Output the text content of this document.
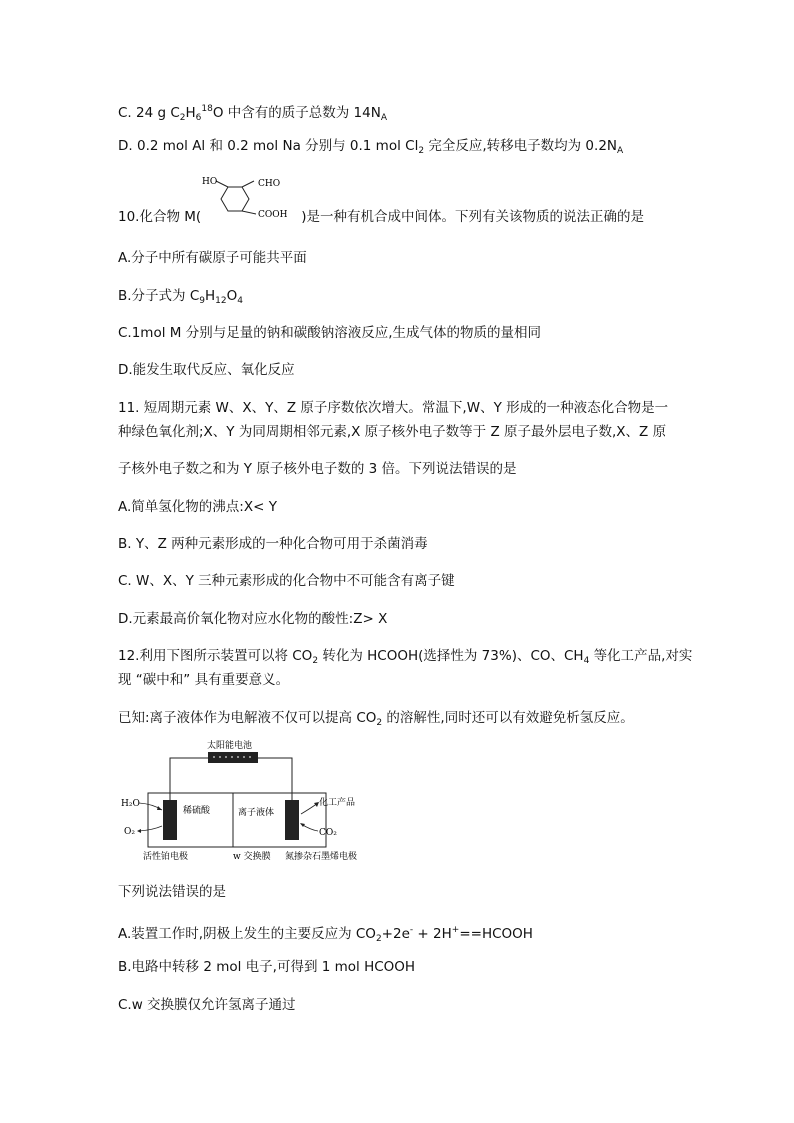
C. 24 g $C_2H_6^{18}O$ 中含有的质子总数为 $14N_A$
D. 0.2 mol Al 和 0.2 mol Na 分别与 0.1 mol $Cl_2$ 完全反应,转移电子数均为 $0.2N_A$
10.化合物 M(	)是一种有机合成中间体。下列有关该物质的说法正确的是
HO	CHO
COOH
A.分子中所有碳原子可能共平面
B.分子式为 $C_9H_{12}O_4$
C.1mol M 分别与足量的钠和碳酸钠溶液反应,生成气体的物质的量相同
D.能发生取代反应、氧化反应
11. 短周期元素 W、X、Y、Z 原子序数依次增大。常温下,W、Y 形成的一种液态化合物是一
种绿色氧化剂;X、Y 为同周期相邻元素,X 原子核外电子数等于 Z 原子最外层电子数,X、Z 原
子核外电子数之和为 Y 原子核外电子数的 3 倍。下列说法错误的是
A.简单氢化物的沸点:X< Y
B. Y、Z 两种元素形成的一种化合物可用于杀菌消毒
C. W、X、Y 三种元素形成的化合物中不可能含有离子键
D.元素最高价氧化物对应水化物的酸性:Z> X
12.利用下图所示装置可以将 $CO_2$ 转化为 HCOOH(选择性为 73%)、CO、$CH_4$ 等化工产品,对实
现 “碳中和” 具有重要意义。
已知:离子液体作为电解液不仅可以提高 $CO_2$ 的溶解性,同时还可以有效避免析氢反应。
太阳能电池
稀硫酸	离子液体
H₂O
O₂
化工产品
CO₂
活性铂电极	w 交换膜 氮掺杂石墨烯电极
下列说法错误的是
A.装置工作时,阴极上发生的主要反应为 $CO_2+2e^-$ + 2H+==HCOOH
B.电路中转移 2 mol 电子,可得到 1 mol HCOOH
C.w 交换膜仅允许氢离子通过
